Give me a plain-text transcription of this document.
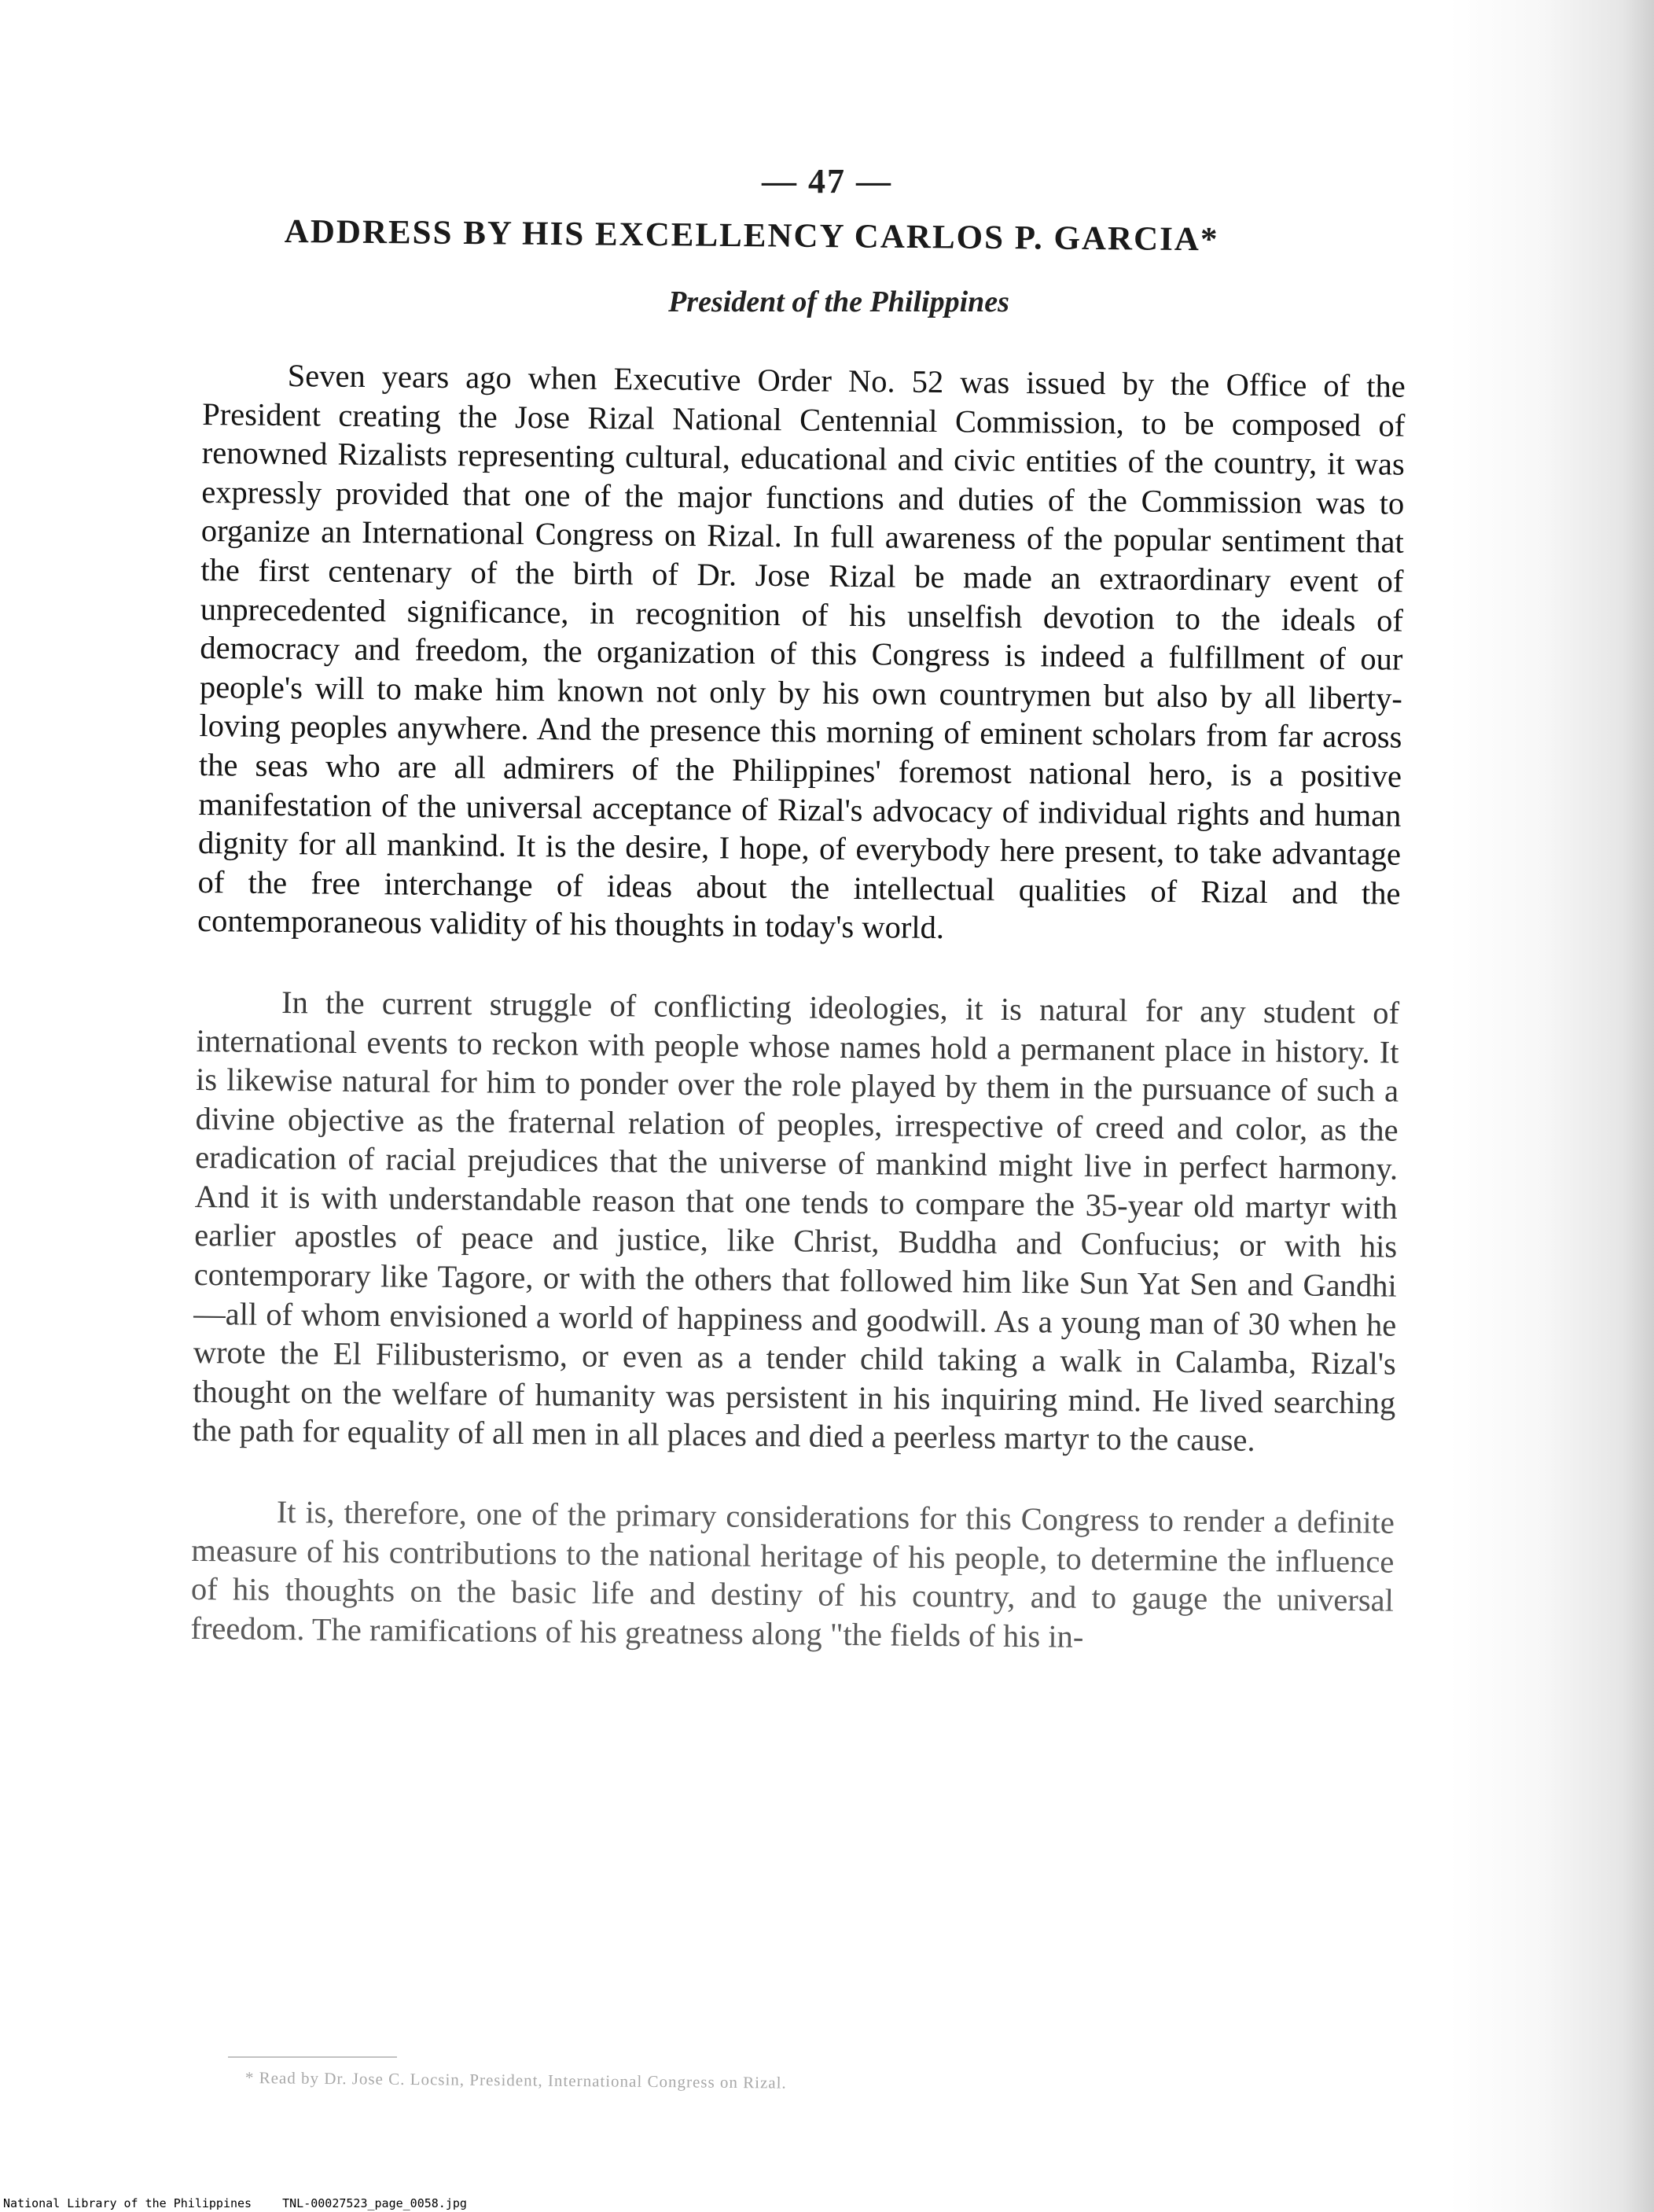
— 47 —
ADDRESS BY HIS EXCELLENCY CARLOS P. GARCIA*
President of the Philippines

Seven years ago when Executive Order No. 52 was issued by the Office of the President creating the Jose Rizal National Centennial Commission, to be composed of renowned Rizalists representing cultural, educational and civic entities of the country, it was expressly provided that one of the major functions and duties of the Commission was to organize an International Congress on Rizal. In full awareness of the popular sentiment that the first centenary of the birth of Dr. Jose Rizal be made an extraordinary event of unprecedented significance, in recognition of his unselfish devotion to the ideals of democracy and freedom, the organization of this Congress is indeed a fulfillment of our people's will to make him known not only by his own countrymen but also by all liberty-loving peoples anywhere. And the presence this morning of eminent scholars from far across the seas who are all admirers of the Philippines' foremost national hero, is a positive manifestation of the universal acceptance of Rizal's advocacy of individual rights and human dignity for all mankind. It is the desire, I hope, of everybody here present, to take advantage of the free interchange of ideas about the intellectual qualities of Rizal and the contemporaneous validity of his thoughts in today's world.

In the current struggle of conflicting ideologies, it is natural for any student of international events to reckon with people whose names hold a permanent place in history. It is likewise natural for him to ponder over the role played by them in the pursuance of such a divine objective as the fraternal relation of peoples, irrespective of creed and color, as the eradication of racial prejudices that the universe of mankind might live in perfect harmony. And it is with understandable reason that one tends to compare the 35-year old martyr with earlier apostles of peace and justice, like Christ, Buddha and Confucius; or with his contemporary like Tagore, or with the others that followed him like Sun Yat Sen and Gandhi—all of whom envisioned a world of happiness and goodwill. As a young man of 30 when he wrote the El Filibusterismo, or even as a tender child taking a walk in Calamba, Rizal's thought on the welfare of humanity was persistent in his inquiring mind. He lived searching the path for equality of all men in all places and died a peerless martyr to the cause.

It is, therefore, one of the primary considerations for this Congress to render a definite measure of his contributions to the national heritage of his people, to determine the influence of his thoughts on the basic life and destiny of his country, and to gauge the universal freedom. The ramifications of his greatness along "the fields of his in-

* Read by Dr. Jose C. Locsin, President, International Congress on Rizal.
National Library of the Philippines	TNL-00027523_page_0058.jpg
